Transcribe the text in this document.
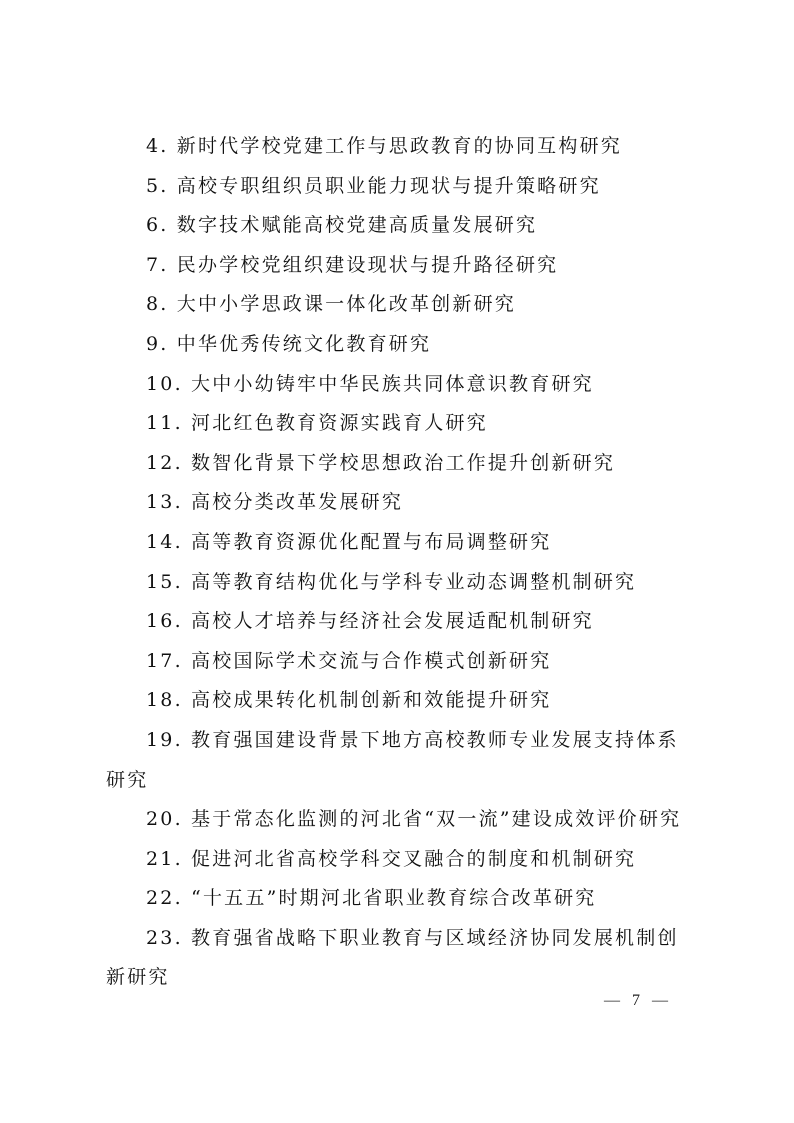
4. 新时代学校党建工作与思政教育的协同互构研究

5. 高校专职组织员职业能力现状与提升策略研究

6. 数字技术赋能高校党建高质量发展研究

7. 民办学校党组织建设现状与提升路径研究

8. 大中小学思政课一体化改革创新研究

9. 中华优秀传统文化教育研究

10. 大中小幼铸牢中华民族共同体意识教育研究

11. 河北红色教育资源实践育人研究

12. 数智化背景下学校思想政治工作提升创新研究

13. 高校分类改革发展研究

14. 高等教育资源优化配置与布局调整研究

15. 高等教育结构优化与学科专业动态调整机制研究

16. 高校人才培养与经济社会发展适配机制研究

17. 高校国际学术交流与合作模式创新研究

18. 高校成果转化机制创新和效能提升研究

19. 教育强国建设背景下地方高校教师专业发展支持体系研究

20. 基于常态化监测的河北省“双一流”建设成效评价研究

21. 促进河北省高校学科交叉融合的制度和机制研究

22. “十五五”时期河北省职业教育综合改革研究

23. 教育强省战略下职业教育与区域经济协同发展机制创新研究

— 7 —
